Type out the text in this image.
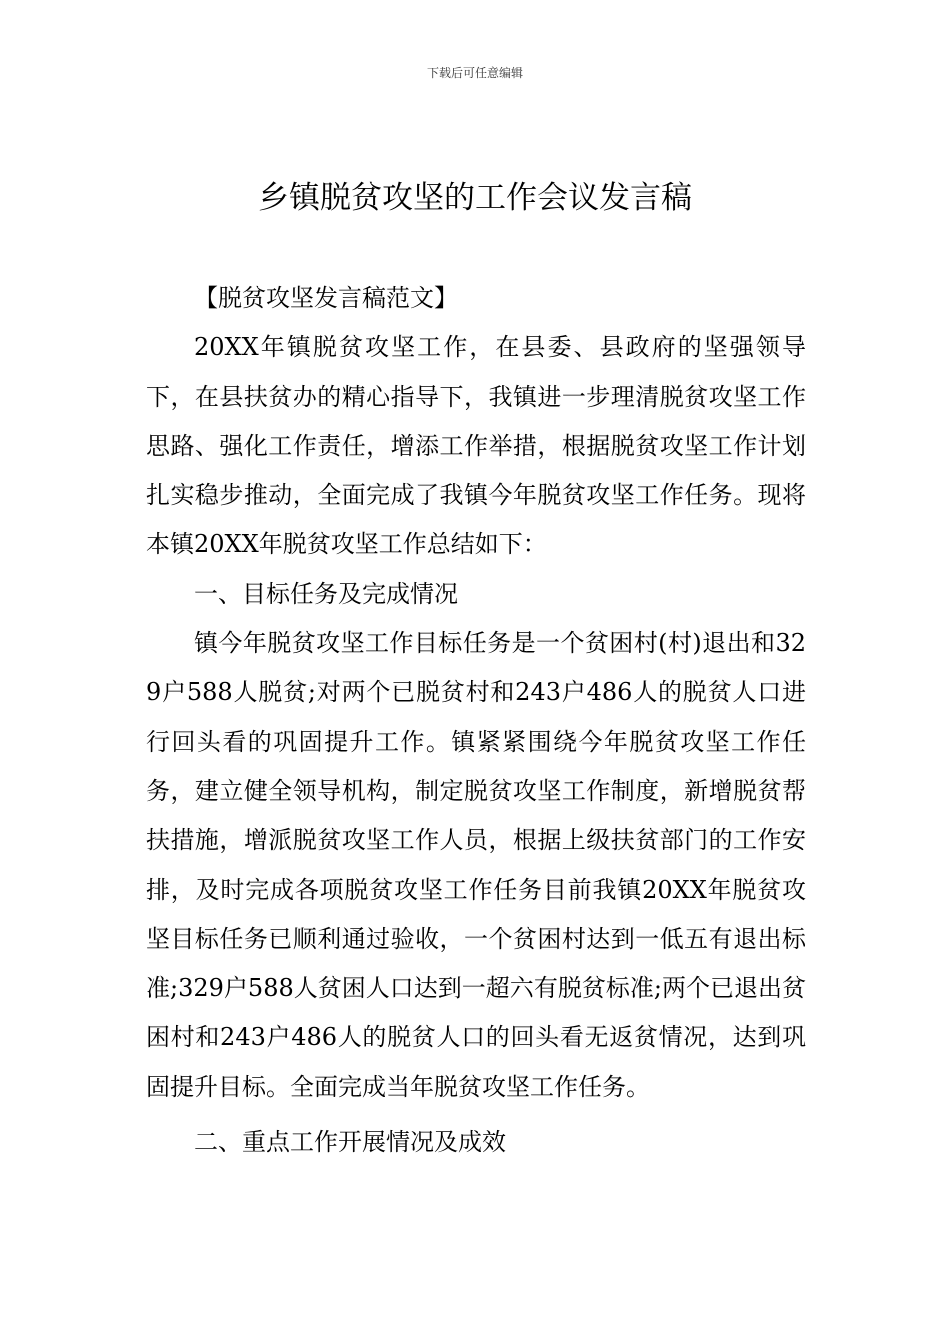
下载后可任意编辑
乡镇脱贫攻坚的工作会议发言稿

【脱贫攻坚发言稿范文】

20XX年镇脱贫攻坚工作，在县委、县政府的坚强领导下，在县扶贫办的精心指导下，我镇进一步理清脱贫攻坚工作思路、强化工作责任，增添工作举措，根据脱贫攻坚工作计划扎实稳步推动，全面完成了我镇今年脱贫攻坚工作任务。现将本镇20XX年脱贫攻坚工作总结如下：

一、目标任务及完成情况

镇今年脱贫攻坚工作目标任务是一个贫困村(村)退出和329户588人脱贫;对两个已脱贫村和243户486人的脱贫人口进行回头看的巩固提升工作。镇紧紧围绕今年脱贫攻坚工作任务，建立健全领导机构，制定脱贫攻坚工作制度，新增脱贫帮扶措施，增派脱贫攻坚工作人员，根据上级扶贫部门的工作安排，及时完成各项脱贫攻坚工作任务目前我镇20XX年脱贫攻坚目标任务已顺利通过验收，一个贫困村达到一低五有退出标准;329户588人贫困人口达到一超六有脱贫标准;两个已退出贫困村和243户486人的脱贫人口的回头看无返贫情况，达到巩固提升目标。全面完成当年脱贫攻坚工作任务。

二、重点工作开展情况及成效
